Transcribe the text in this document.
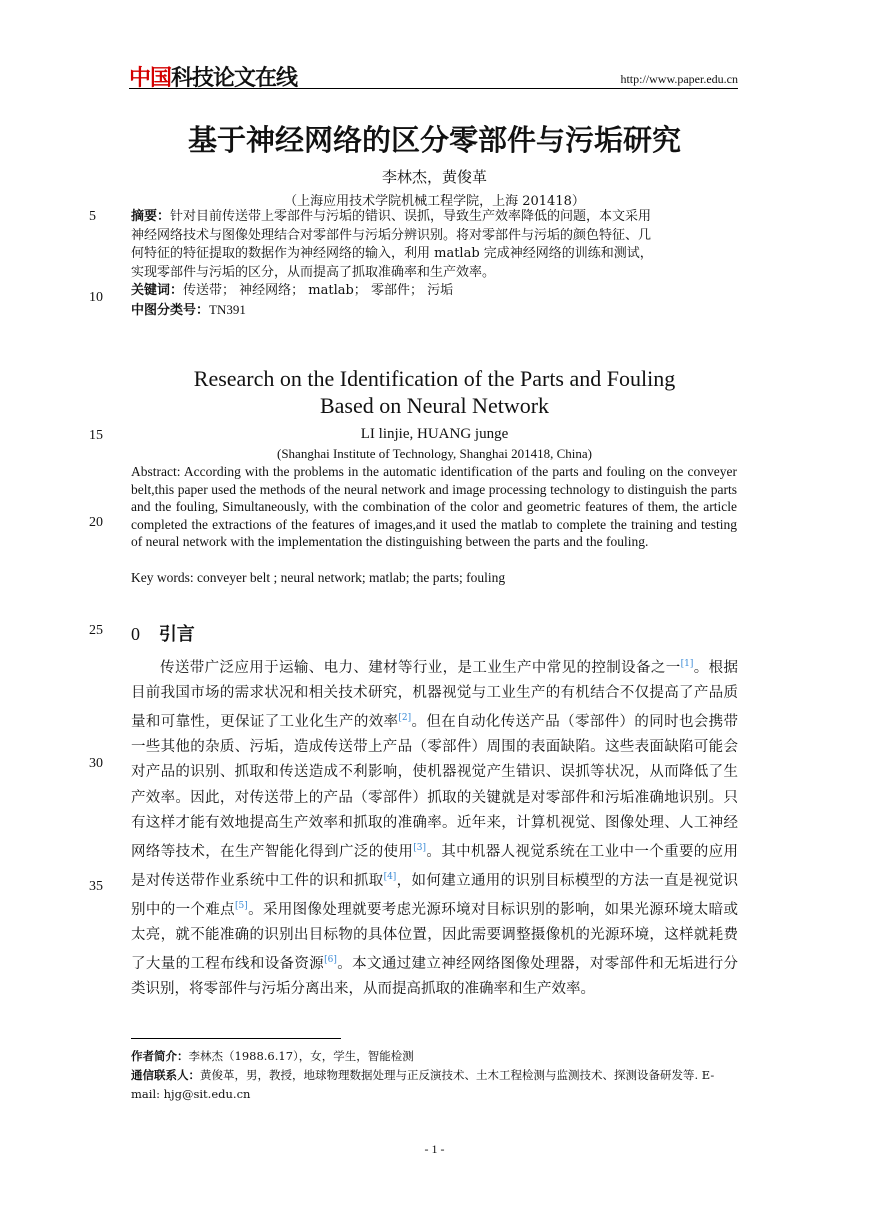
中国科技论文在线	http://www.paper.edu.cn
基于神经网络的区分零部件与污垢研究
李林杰，黄俊革
（上海应用技术学院机械工程学院，上海 201418）
5
10
15
20
25
30
35
摘要：针对目前传送带上零部件与污垢的错识、误抓，导致生产效率降低的问题，本文采用
神经网络技术与图像处理结合对零部件与污垢分辨识别。将对零部件与污垢的颜色特征、几
何特征的特征提取的数据作为神经网络的输入，利用 matlab 完成神经网络的训练和测试，
实现零部件与污垢的区分，从而提高了抓取准确率和生产效率。
关键词：传送带； 神经网络； matlab； 零部件； 污垢
中图分类号：TN391
Research on the Identification of the Parts and Fouling
Based on Neural Network
LI linjie, HUANG junge
(Shanghai Institute of Technology, Shanghai 201418, China)
Abstract: According with the problems in the automatic identification of the parts and fouling on the conveyer belt,this paper used the methods of the neural network and image processing technology to distinguish the parts and the fouling, Simultaneously, with the combination of the color and geometric features of them, the article completed the extractions of the features of images,and it used the matlab to complete the training and testing of neural network with the implementation the distinguishing between the parts and the fouling.
Key words: conveyer belt ; neural network; matlab; the parts; fouling
0 引言
传送带广泛应用于运输、电力、建材等行业，是工业生产中常见的控制设备之一[1]。根据目前我国市场的需求状况和相关技术研究，机器视觉与工业生产的有机结合不仅提高了产品质量和可靠性，更保证了工业化生产的效率[2]。但在自动化传送产品（零部件）的同时也会携带一些其他的杂质、污垢，造成传送带上产品（零部件）周围的表面缺陷。这些表面缺陷可能会对产品的识别、抓取和传送造成不利影响，使机器视觉产生错识、误抓等状况，从而降低了生产效率。因此，对传送带上的产品（零部件）抓取的关键就是对零部件和污垢准确地识别。只有这样才能有效地提高生产效率和抓取的准确率。近年来，计算机视觉、图像处理、人工神经网络等技术，在生产智能化得到广泛的使用[3]。其中机器人视觉系统在工业中一个重要的应用是对传送带作业系统中工件的识和抓取[4]，如何建立通用的识别目标模型的方法一直是视觉识别中的一个难点[5]。采用图像处理就要考虑光源环境对目标识别的影响，如果光源环境太暗或太亮，就不能准确的识别出目标物的具体位置，因此需要调整摄像机的光源环境，这样就耗费了大量的工程布线和设备资源[6]。本文通过建立神经网络图像处理器，对零部件和无垢进行分类识别，将零部件与污垢分离出来，从而提高抓取的准确率和生产效率。
作者简介：李林杰（1988.6.17），女，学生，智能检测
通信联系人：黄俊革，男，教授，地球物理数据处理与正反演技术、土木工程检测与监测技术、探测设备研发等. E-mail: hjg@sit.edu.cn
- 1 -
